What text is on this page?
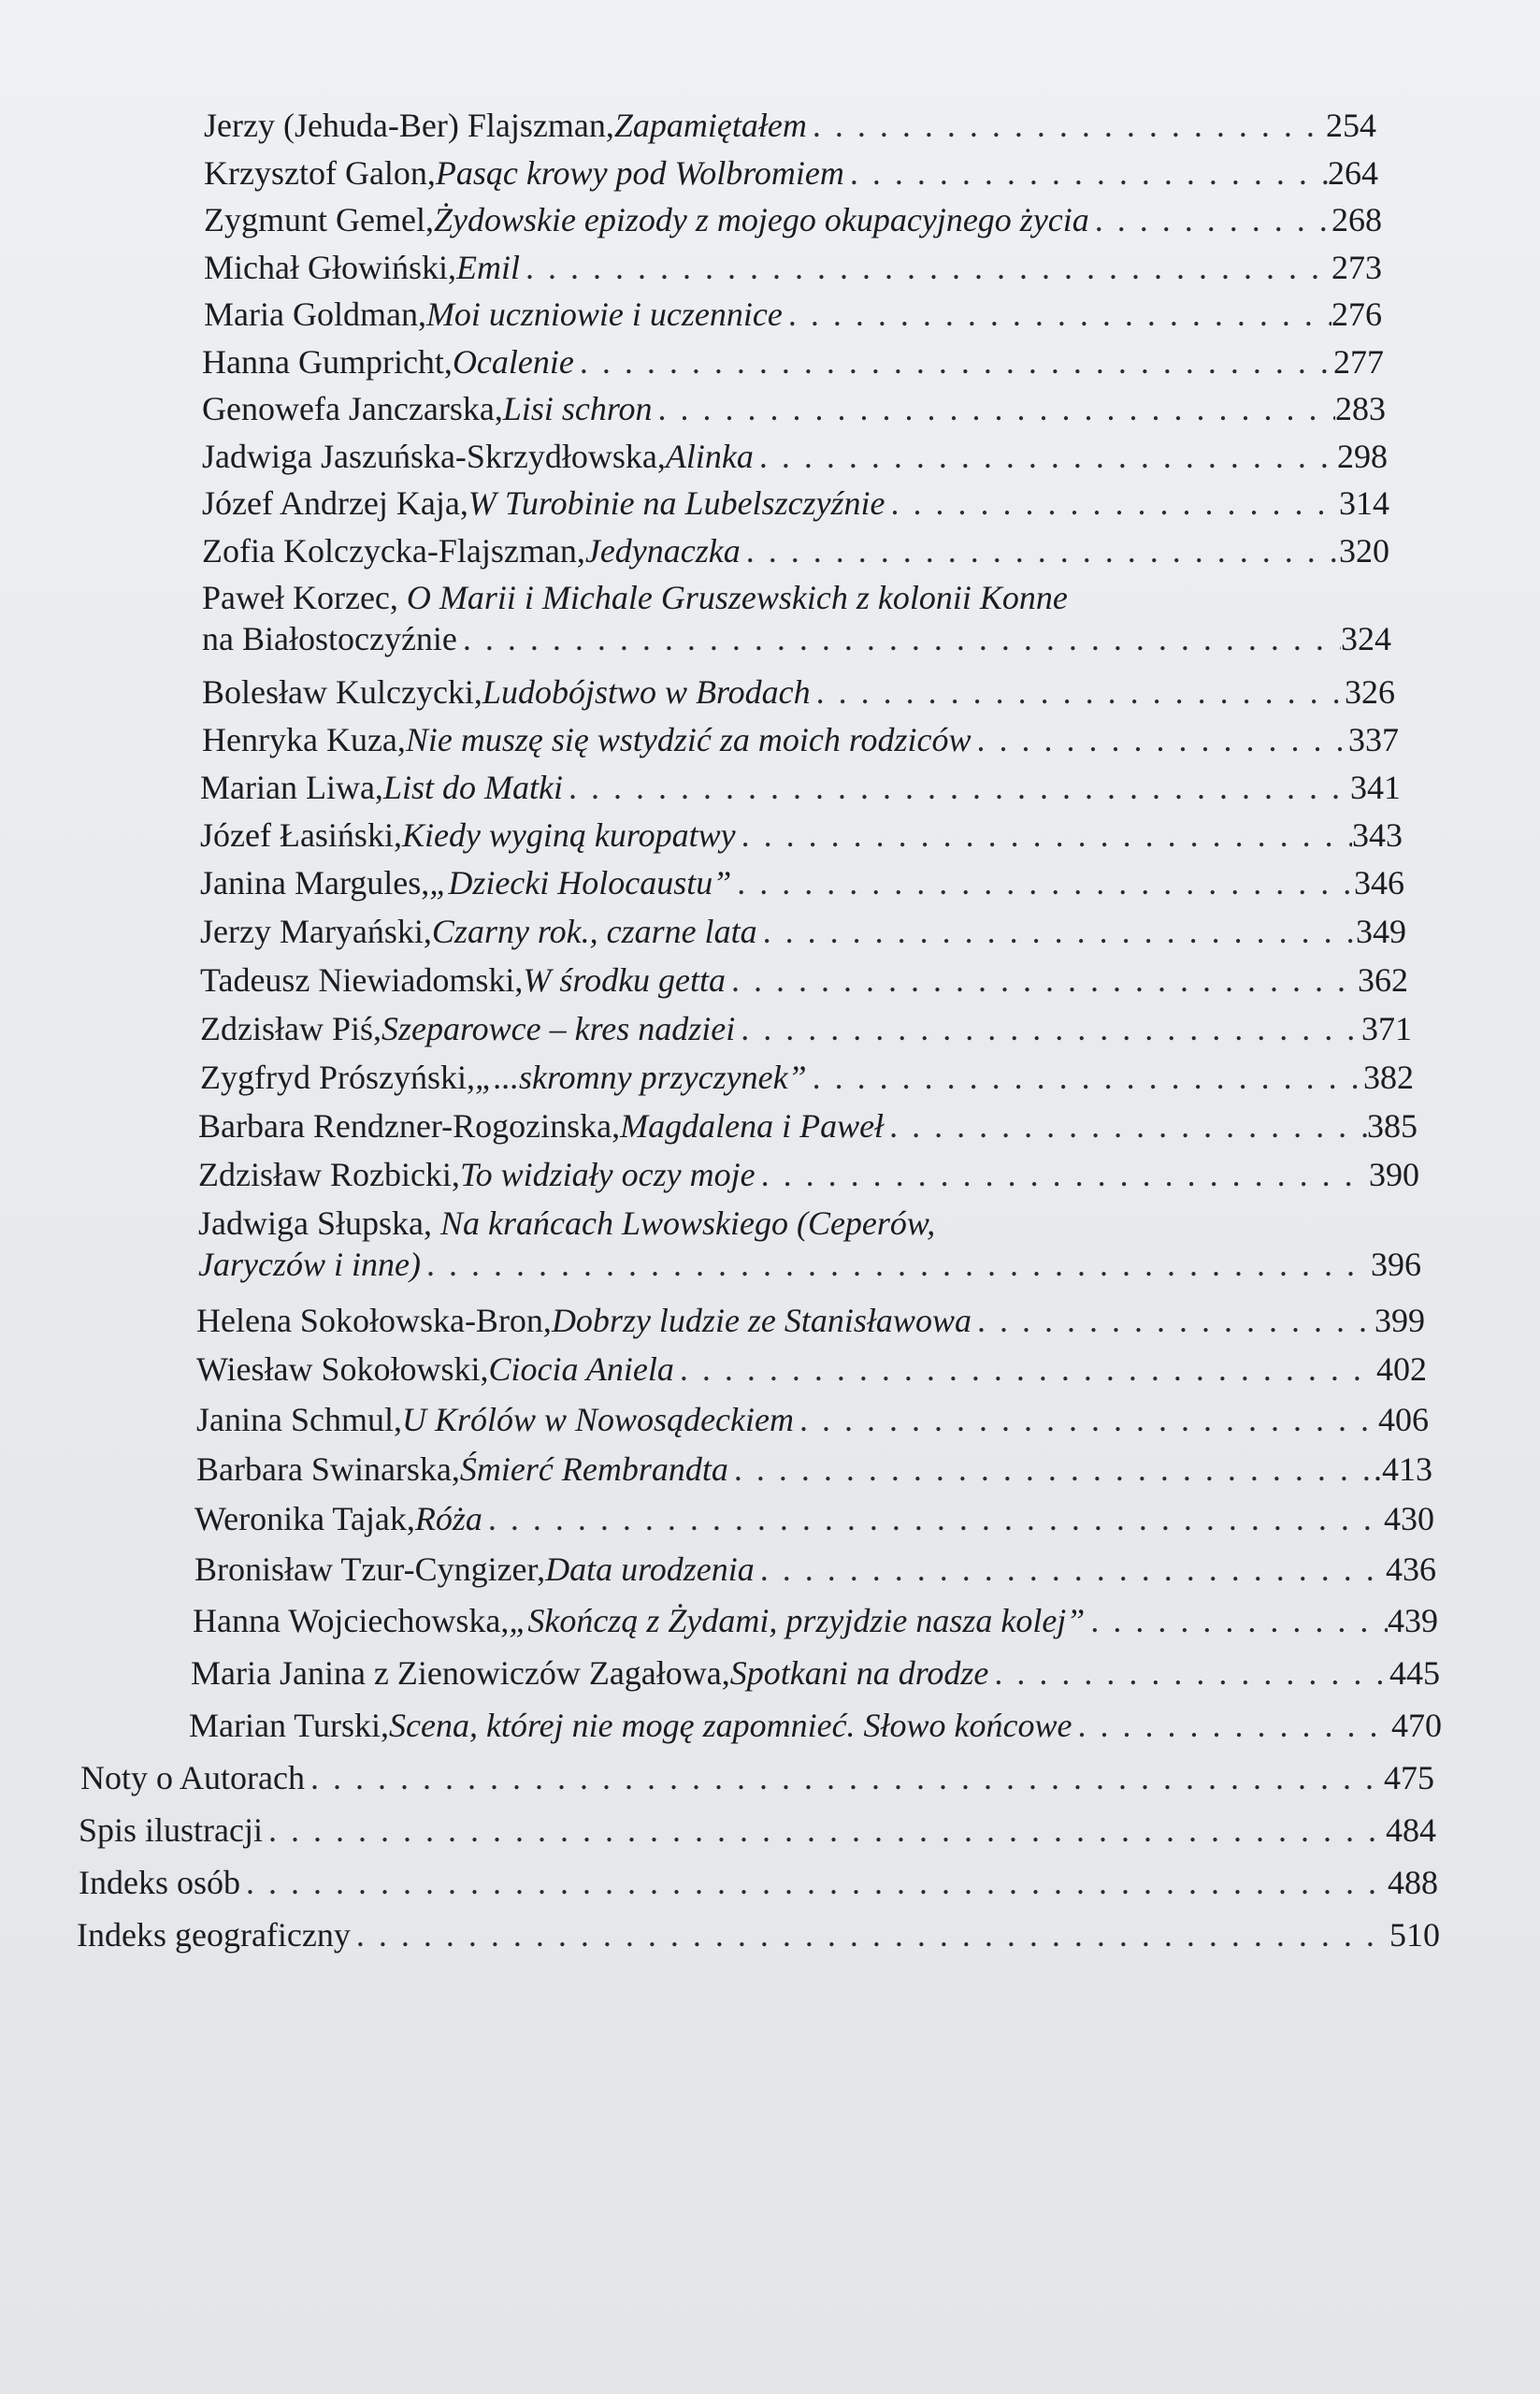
Jerzy (Jehuda-Ber) Flajszman, Zapamiętałem . . .	254
Krzysztof Galon, Pasąc krowy pod Wolbromiem . . .	264
Zygmunt Gemel, Żydowskie epizody z mojego okupacyjnego życia . . .	268
Michał Głowiński, Emil . . .	273
Maria Goldman, Moi uczniowie i uczennice . . .	276
Hanna Gumpricht, Ocalenie . . .	277
Genowefa Janczarska, Lisi schron . . .	283
Jadwiga Jaszuńska-Skrzydłowska, Alinka . . .	298
Józef Andrzej Kaja, W Turobinie na Lubelszczyźnie . . .	314
Zofia Kolczycka-Flajszman, Jedynaczka . . .	320
Paweł Korzec, O Marii i Michale Gruszewskich z kolonii Konne
na Białostoczyźnie . . .	324
Bolesław Kulczycki, Ludobójstwo w Brodach . . .	326
Henryka Kuza, Nie muszę się wstydzić za moich rodziców . . .	337
Marian Liwa, List do Matki . . .	341
Józef Łasiński, Kiedy wyginą kuropatwy . . .	343
Janina Margules, „Dziecki Holocaustu” . . .	346
Jerzy Maryański, Czarny rok., czarne lata . . .	349
Tadeusz Niewiadomski, W środku getta . . .	362
Zdzisław Piś, Szeparowce – kres nadziei . . .	371
Zygfryd Prószyński, „...skromny przyczynek” . . .	382
Barbara Rendzner-Rogozinska, Magdalena i Paweł . . .	385
Zdzisław Rozbicki, To widziały oczy moje . . .	390
Jadwiga Słupska, Na krańcach Lwowskiego (Ceperów,
Jaryczów i inne) . . .	396
Helena Sokołowska-Bron, Dobrzy ludzie ze Stanisławowa . . .	399
Wiesław Sokołowski, Ciocia Aniela . . .	402
Janina Schmul, U Królów w Nowosądeckiem . . .	406
Barbara Swinarska, Śmierć Rembrandta . . .	.413
Weronika Tajak, Róża . . .	430
Bronisław Tzur-Cyngizer, Data urodzenia . . .	436
Hanna Wojciechowska, „Skończą z Żydami, przyjdzie nasza kolej” . . .	439
Maria Janina z Zienowiczów Zagałowa, Spotkani na drodze . . .	445
Marian Turski, Scena, której nie mogę zapomnieć. Słowo końcowe . . .	470
Noty o Autorach . . .	475
Spis ilustracji . . .	484
Indeks osób . . .	488
Indeks geograficzny . . .	510
